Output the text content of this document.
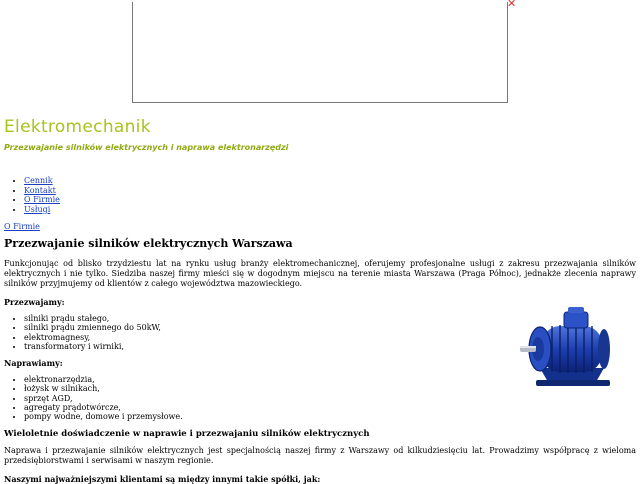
✕
Elektromechanik

Przezwajanie silników elektrycznych i naprawa elektronarzędzi

• Cennik
• Kontakt
• O Firmie
• Usługi
O Firmie
Przezwajanie silników elektrycznych Warszawa

Funkcjonując od blisko trzydziestu lat na rynku usług branży elektromechanicznej, oferujemy profesjonalne usługi z zakresu przezwajania silników elektrycznych i nie tylko. Siedziba naszej firmy mieści się w dogodnym miejscu na terenie miasta Warszawa (Praga Północ), jednakże zlecenia naprawy silników przyjmujemy od klientów z całego województwa mazowieckiego.

Przezwajamy:
• silniki prądu stałego,
• silniki prądu zmiennego do 50kW,
• elektromagnesy,
• transformatory i wirniki,
Naprawiamy:
• elektronarzędzia,
• łożysk w silnikach,
• sprzęt AGD,
• agregaty prądotwórcze,
• pompy wodne, domowe i przemysłowe.
Wieloletnie doświadczenie w naprawie i przezwajaniu silników elektrycznych

Naprawa i przezwajanie silników elektrycznych jest specjalnością naszej firmy z Warszawy od kilkudziesięciu lat. Prowadzimy współpracę z wieloma przedsiębiorstwami i serwisami w naszym regionie.

Naszymi najważniejszymi klientami są między innymi takie spółki, jak:
